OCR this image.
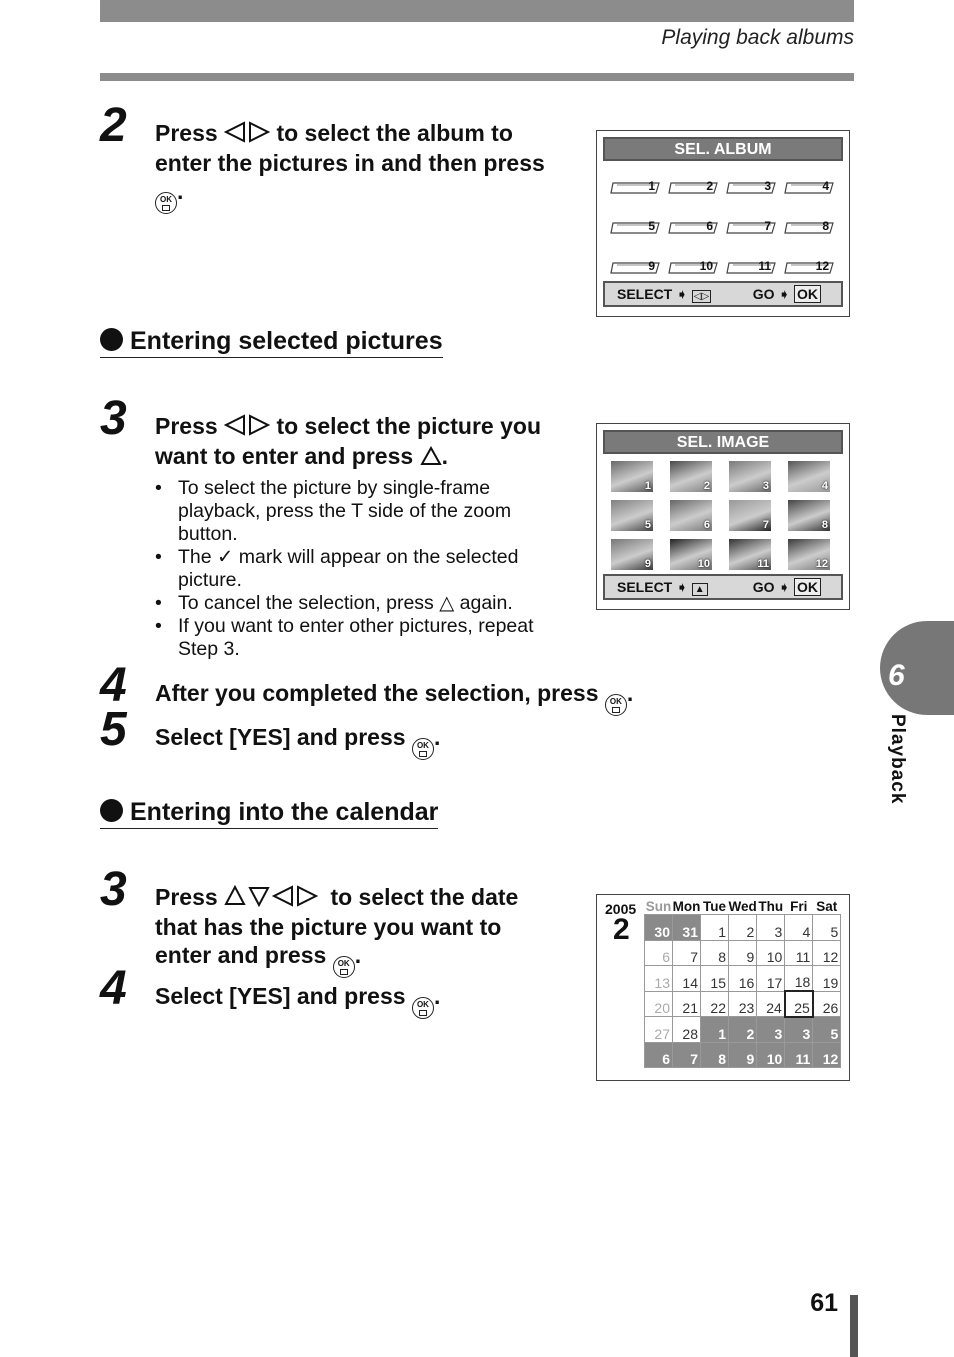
Playing back albums
2 Press  to select the album to enter the pictures in and then press OK .
SEL. ALBUM
1	2	3	4
5	6	7	8
9	10	11	12
SELECT ➧ ◁▷	GO ➧ OK
Entering selected pictures
3 Press  to select the picture you want to enter and press .
• To select the picture by single-frame playback, press the T side of the zoom button.
• The ✓ mark will appear on the selected picture.
• To cancel the selection, press △ again.
• If you want to enter other pictures, repeat Step 3.
SEL. IMAGE
1	2	3	4
5	6	7	8
9	10	11	12
SELECT ➧ ▲	GO ➧ OK
4 After you completed the selection, press OK .
5 Select [YES] and press OK .
Entering into the calendar
3 Press	to select the date that has the picture you want to enter and press OK .
4 Select [YES] and press OK .
2005
2
Sun	Mon	Tue	Wed	Thu	Fri	Sat
30	31	1	2	3	4	5
6	7	8	9	10	11	12
13	14	15	16	17	18	19
20	21	22	23	24	25	26
27	28	1	2	3	3	5
6	7	8	9	10	11	12
6
Playback
61
